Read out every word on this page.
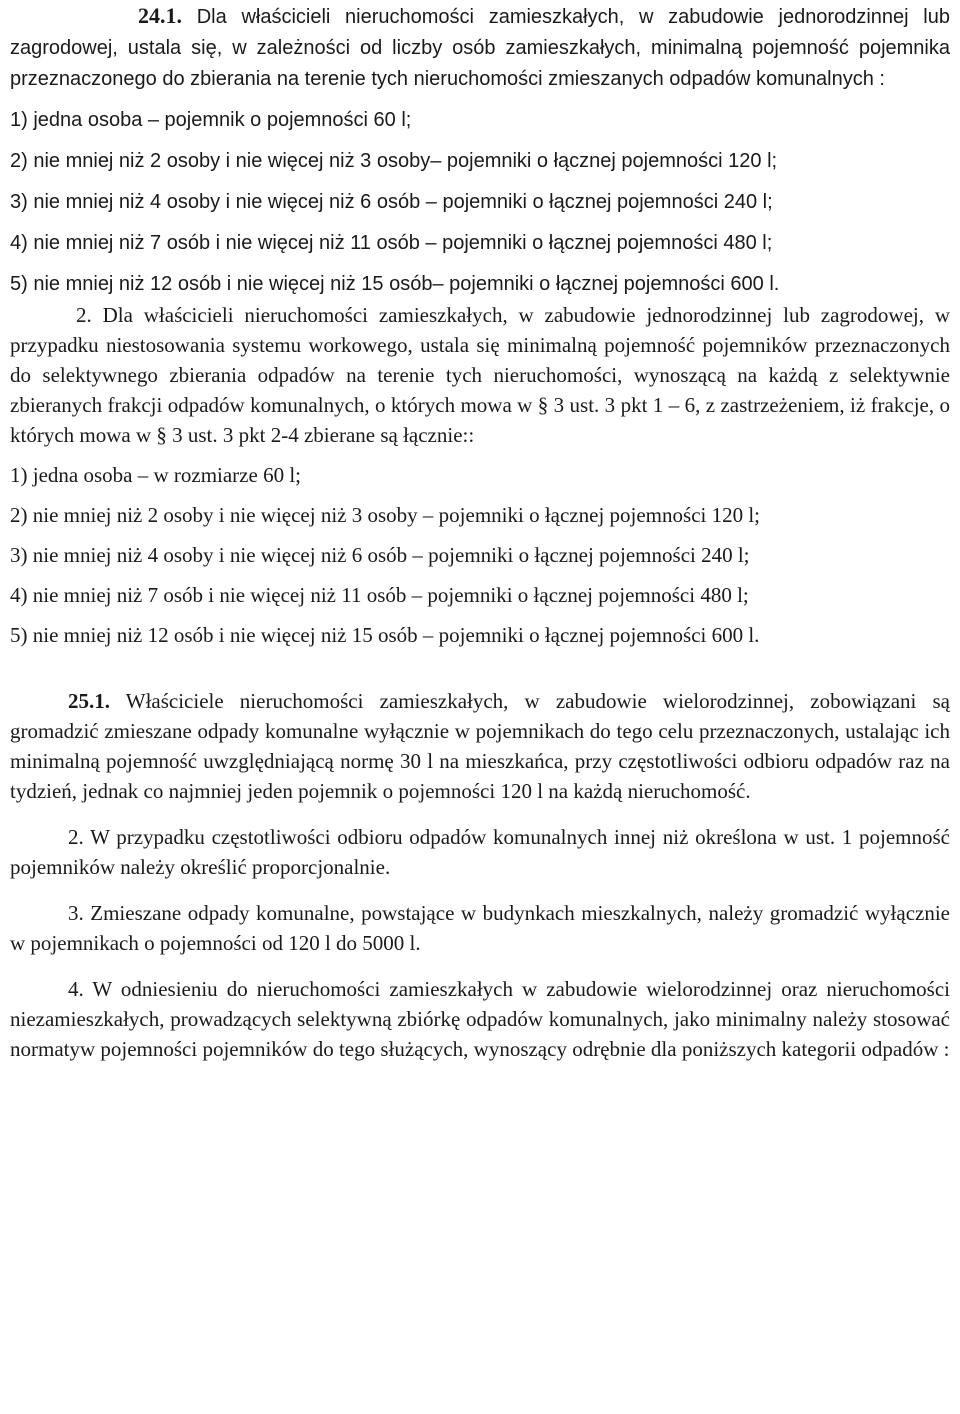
24.1. Dla właścicieli nieruchomości zamieszkałych, w zabudowie jednorodzinnej lub zagrodowej, ustala się, w zależności od liczby osób zamieszkałych, minimalną pojemność pojemnika przeznaczonego do zbierania na terenie tych nieruchomości zmieszanych odpadów komunalnych :

1) jedna osoba – pojemnik o pojemności 60 l;

2) nie mniej niż 2 osoby i nie więcej niż 3 osoby– pojemniki o łącznej pojemności 120 l;

3) nie mniej niż 4 osoby i nie więcej niż 6 osób – pojemniki o łącznej pojemności 240 l;

4) nie mniej niż 7 osób i nie więcej niż 11 osób – pojemniki o łącznej pojemności 480 l;

5) nie mniej niż 12 osób i nie więcej niż 15 osób– pojemniki o łącznej pojemności 600 l.

2. Dla właścicieli nieruchomości zamieszkałych, w zabudowie jednorodzinnej lub zagrodowej, w przypadku niestosowania systemu workowego, ustala się minimalną pojemność pojemników przeznaczonych do selektywnego zbierania odpadów na terenie tych nieruchomości, wynoszącą na każdą z selektywnie zbieranych frakcji odpadów komunalnych, o których mowa w § 3 ust. 3 pkt 1 – 6, z zastrzeżeniem, iż frakcje, o których mowa w § 3 ust. 3 pkt 2-4 zbierane są łącznie::

1) jedna osoba – w rozmiarze 60 l;

2) nie mniej niż 2 osoby i nie więcej niż 3 osoby – pojemniki o łącznej pojemności 120 l;

3) nie mniej niż 4 osoby i nie więcej niż 6 osób – pojemniki o łącznej pojemności 240 l;

4) nie mniej niż 7 osób i nie więcej niż 11 osób – pojemniki o łącznej pojemności 480 l;

5) nie mniej niż 12 osób i nie więcej niż 15 osób – pojemniki o łącznej pojemności 600 l.

25.1. Właściciele nieruchomości zamieszkałych, w zabudowie wielorodzinnej, zobowiązani są gromadzić zmieszane odpady komunalne wyłącznie w pojemnikach do tego celu przeznaczonych, ustalając ich minimalną pojemność uwzględniającą normę 30 l na mieszkańca, przy częstotliwości odbioru odpadów raz na tydzień, jednak co najmniej jeden pojemnik o pojemności 120 l na każdą nieruchomość.

2. W przypadku częstotliwości odbioru odpadów komunalnych innej niż określona w ust. 1 pojemność pojemników należy określić proporcjonalnie.

3. Zmieszane odpady komunalne, powstające w budynkach mieszkalnych, należy gromadzić wyłącznie w pojemnikach o pojemności od 120 l do 5000 l.

4. W odniesieniu do nieruchomości zamieszkałych w zabudowie wielorodzinnej oraz nieruchomości niezamieszkałych, prowadzących selektywną zbiórkę odpadów komunalnych, jako minimalny należy stosować normatyw pojemności pojemników do tego służących, wynoszący odrębnie dla poniższych kategorii odpadów :
